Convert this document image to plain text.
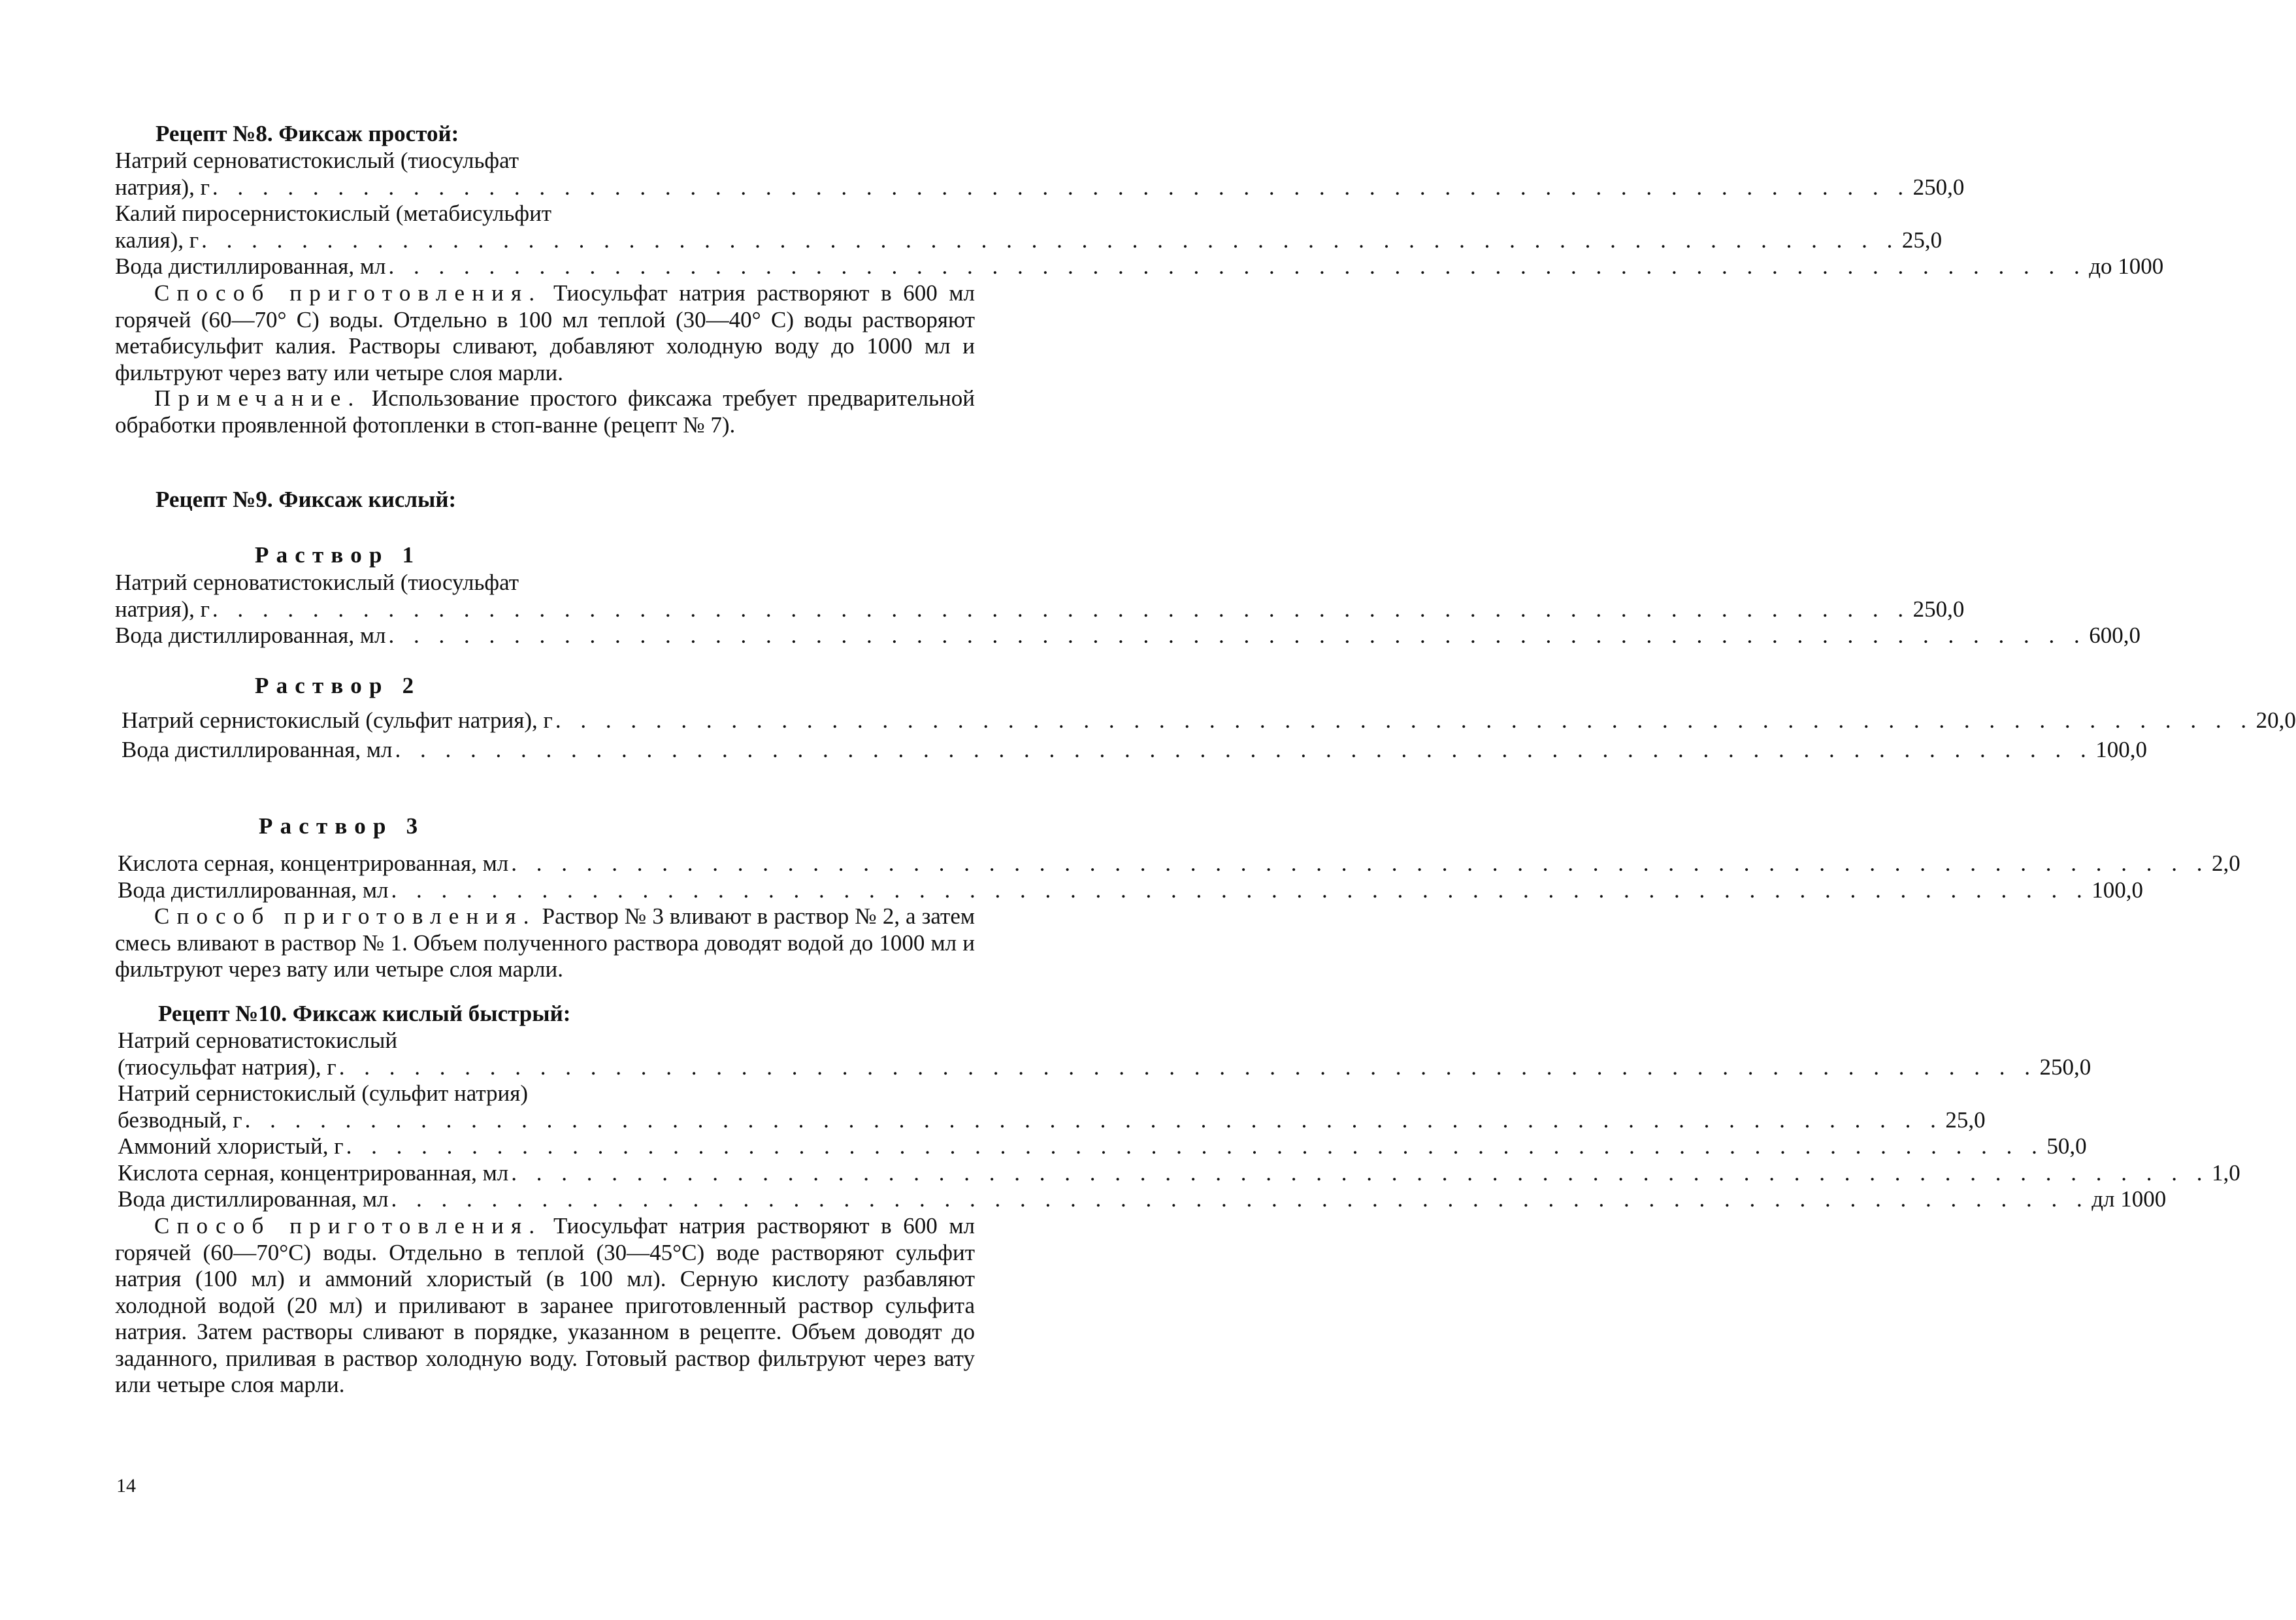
Рецепт №8. Фиксаж простой:
Натрий серноватистокислый (тиосульфат
натрия), г . . . . . . . . . . . . . . . . . . . . . . . . . . . . . . . . . . . . . . . . . . . . . . . . . . . . . . . . . . . . . . . . . . . . 250,0
Калий пиросернистокислый (метабисульфит
калия), г . . . . . . . . . . . . . . . . . . . . . . . . . . . . . . . . . . . . . . . . . . . . . . . . . . . . . . . . . . . . . . . . . . . . 25,0
Вода дистиллированная, мл . . . . . . . . . . . . . . . . . . . . . . . . . . . . . . . . . . . . . . . . . . . . . . . . . . . . . . . . . . . . . . . . . . . . до 1000
Способ приготовления. Тиосульфат натрия растворяют в 600 мл горячей (60—70° С) воды. Отдельно в 100 мл теплой (30—40° С) воды растворяют метабисульфит калия. Растворы сливают, добавляют холодную воду до 1000 мл и фильтруют через вату или четыре слоя марли.
Примечание. Использование простого фиксажа требует предварительной обработки проявленной фотопленки в стоп-ванне (рецепт № 7).
Рецепт №9. Фиксаж кислый:
Раствор 1
Натрий серноватистокислый (тиосульфат
натрия), г . . . . . . . . . . . . . . . . . . . . . . . . . . . . . . . . . . . . . . . . . . . . . . . . . . . . . . . . . . . . . . . . . . . . 250,0
Вода дистиллированная, мл . . . . . . . . . . . . . . . . . . . . . . . . . . . . . . . . . . . . . . . . . . . . . . . . . . . . . . . . . . . . . . . . . . . . 600,0
Раствор 2
Натрий сернистокислый (сульфит натрия), г . . . . . . . . . . . . . . . . . . . . . . . . . . . . . . . . . . . . . . . . . . . . . . . . . . . . . . . . . . . . . . . . . . . . 20,0
Вода дистиллированная, мл . . . . . . . . . . . . . . . . . . . . . . . . . . . . . . . . . . . . . . . . . . . . . . . . . . . . . . . . . . . . . . . . . . . . 100,0
Раствор 3
Кислота серная, концентрированная, мл . . . . . . . . . . . . . . . . . . . . . . . . . . . . . . . . . . . . . . . . . . . . . . . . . . . . . . . . . . . . . . . . . . . . 2,0
Вода дистиллированная, мл . . . . . . . . . . . . . . . . . . . . . . . . . . . . . . . . . . . . . . . . . . . . . . . . . . . . . . . . . . . . . . . . . . . . 100,0
Способ приготовления. Раствор № 3 вливают в раствор № 2, а затем смесь вливают в раствор № 1. Объем полученного раствора доводят водой до 1000 мл и фильтруют через вату или четыре слоя марли.
Рецепт №10. Фиксаж кислый быстрый:
Натрий серноватистокислый
(тиосульфат натрия), г . . . . . . . . . . . . . . . . . . . . . . . . . . . . . . . . . . . . . . . . . . . . . . . . . . . . . . . . . . . . . . . . . . . . 250,0
Натрий сернистокислый (сульфит натрия)
безводный, г . . . . . . . . . . . . . . . . . . . . . . . . . . . . . . . . . . . . . . . . . . . . . . . . . . . . . . . . . . . . . . . . . . . . 25,0
Аммоний хлористый, г . . . . . . . . . . . . . . . . . . . . . . . . . . . . . . . . . . . . . . . . . . . . . . . . . . . . . . . . . . . . . . . . . . . . 50,0
Кислота серная, концентрированная, мл . . . . . . . . . . . . . . . . . . . . . . . . . . . . . . . . . . . . . . . . . . . . . . . . . . . . . . . . . . . . . . . . . . . . 1,0
Вода дистиллированная, мл . . . . . . . . . . . . . . . . . . . . . . . . . . . . . . . . . . . . . . . . . . . . . . . . . . . . . . . . . . . . . . . . . . . . дл 1000
Способ приготовления. Тиосульфат натрия растворяют в 600 мл горячей (60—70°С) воды. Отдельно в теплой (30—45°С) воде растворяют сульфит натрия (100 мл) и аммоний хлористый (в 100 мл). Серную кислоту разбавляют холодной водой (20 мл) и приливают в заранее приготовленный раствор сульфита натрия. Затем растворы сливают в порядке, указанном в рецепте. Объем доводят до заданного, приливая в раствор холодную воду. Готовый раствор фильтруют через вату или четыре слоя марли.
14
